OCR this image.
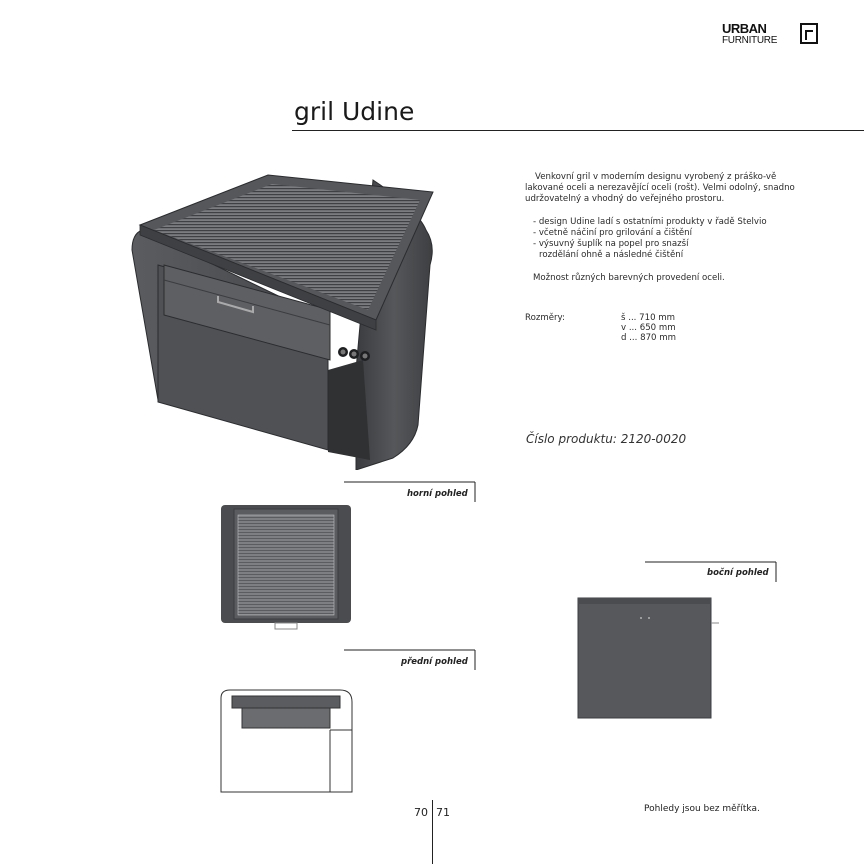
URBAN
FURNITURE
gril Udine

Venkovní gril v moderním designu vyrobený z práško-vě lakované oceli a nerezavějící oceli (rošt). Velmi odolný, snadno udržovatelný a vhodný do veřejného prostoru.

- design Udine ladí s ostatními produkty v řadě Stelvio
- včetně náčiní pro grilování a čištění
- výsuvný šuplík na popel pro snazší
rozdělání ohně a následné čištění

Možnost různých barevných provedení oceli.

Rozměry:	š ... 710 mm
v ... 650 mm
d ... 870 mm
Číslo produktu: 2120-0020
horní pohled
přední pohled
boční pohled
Pohledy jsou bez měřítka.
70 71
